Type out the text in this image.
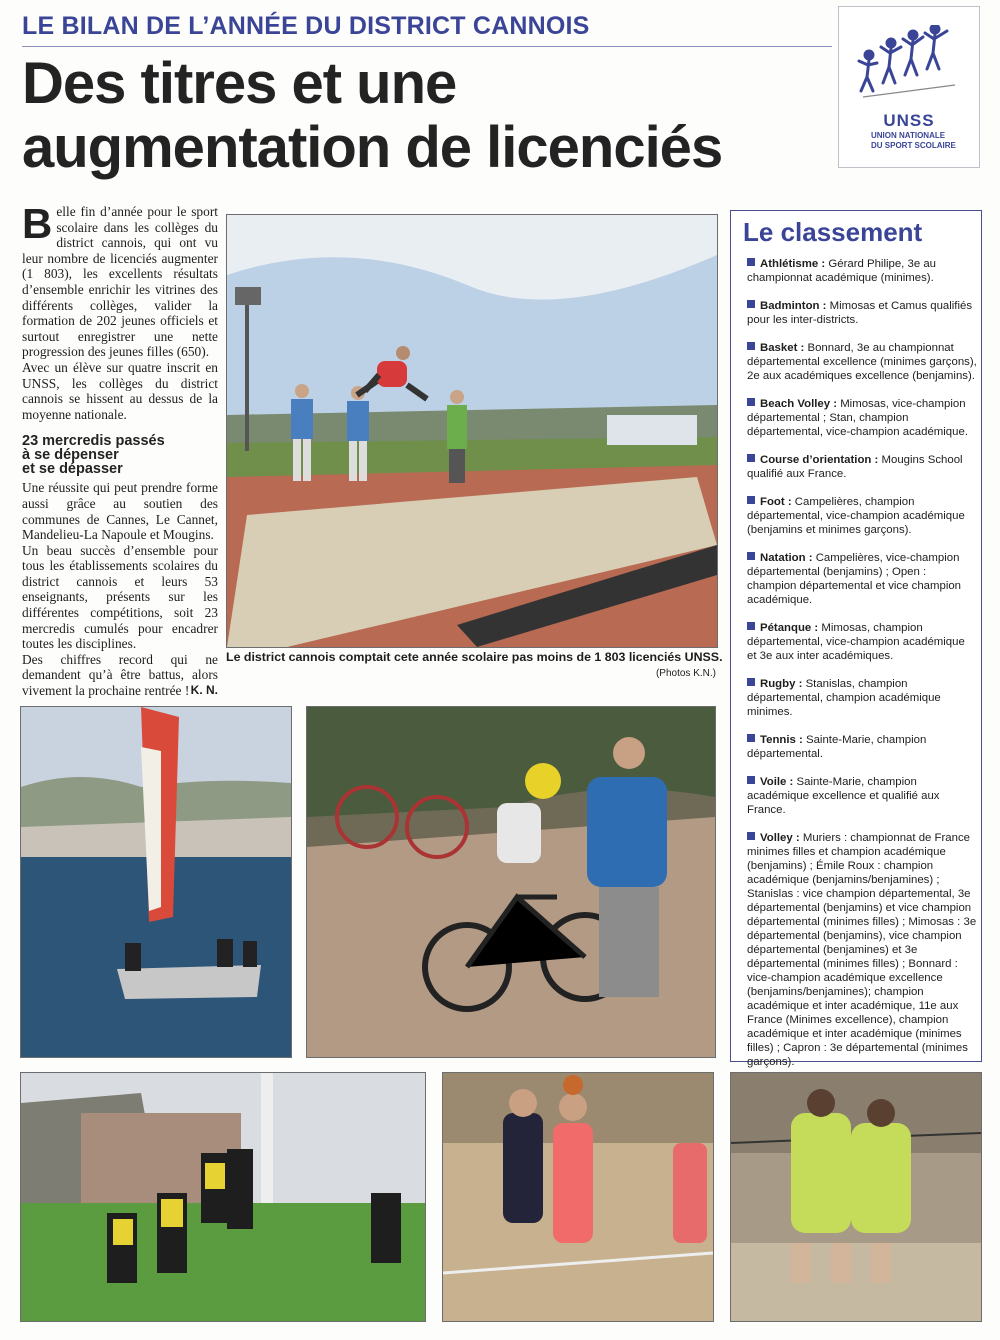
LE BILAN DE L’ANNÉE DU DISTRICT CANNOIS
Des titres et une
augmentation de licenciés	UNSS
UNION NATIONALE
DU SPORT SCOLAIRE

Belle fin d’année pour le sport scolaire dans les collèges du district cannois, qui ont vu leur nombre de licenciés augmenter (1 803), les excellents résultats d’ensemble enrichir les vitrines des différents collèges, valider la formation de 202 jeunes officiels et surtout enregistrer une nette progression des jeunes filles (650).

Avec un élève sur quatre inscrit en UNSS, les collèges du district cannois se hissent au dessus de la moyenne nationale.

23 mercredis passés
à se dépenser
et se dépasser

Une réussite qui peut prendre forme aussi grâce au soutien des communes de Cannes, Le Cannet, Mandelieu-La Napoule et Mougins.

Un beau succès d’ensemble pour tous les établissements scolaires du district cannois et leurs 53 enseignants, présents sur les différentes compétitions, soit 23 mercredis cumulés pour encadrer toutes les disciplines.

Des chiffres record qui ne demandent qu’à être battus, alors vivement la prochaine rentrée ! K. N.

Le district cannois comptait cete année scolaire pas moins de 1 803 licenciés UNSS.
(Photos K.N.)
Le classement
Athlétisme : Gérard Philipe, 3e au championnat académique (minimes).
Badminton : Mimosas et Camus qualifiés pour les inter-districts.
Basket : Bonnard, 3e au championnat départemental excellence (minimes garçons), 2e aux académiques excellence (benjamins).
Beach Volley : Mimosas, vice-champion départemental ; Stan, champion départemental, vice-champion académique.
Course d’orientation : Mougins School qualifié aux France.
Foot : Campelières, champion départemental, vice-champion académique (benjamins et minimes garçons).
Natation : Campelières, vice-champion départemental (benjamins) ; Open : champion départemental et vice champion académique.
Pétanque : Mimosas, champion départemental, vice-champion académique et 3e aux inter académiques.
Rugby : Stanislas, champion départemental, champion académique minimes.
Tennis : Sainte-Marie, champion départemental.
Voile : Sainte-Marie, champion académique excellence et qualifié aux France.
Volley : Muriers : championnat de France minimes filles et champion académique (benjamins) ; Émile Roux : champion académique (benjamins/benjamines) ; Stanislas : vice champion départemental, 3e départemental (benjamins) et vice champion départemental (minimes filles) ; Mimosas : 3e départemental (benjamins), vice champion départemental (benjamines) et 3e départemental (minimes filles) ; Bonnard : vice-champion académique excellence (benjamins/benjamines); champion académique et inter académique, 11e aux France (Minimes excellence), champion académique et inter académique (minimes filles) ; Capron : 3e départemental (minimes garçons).
